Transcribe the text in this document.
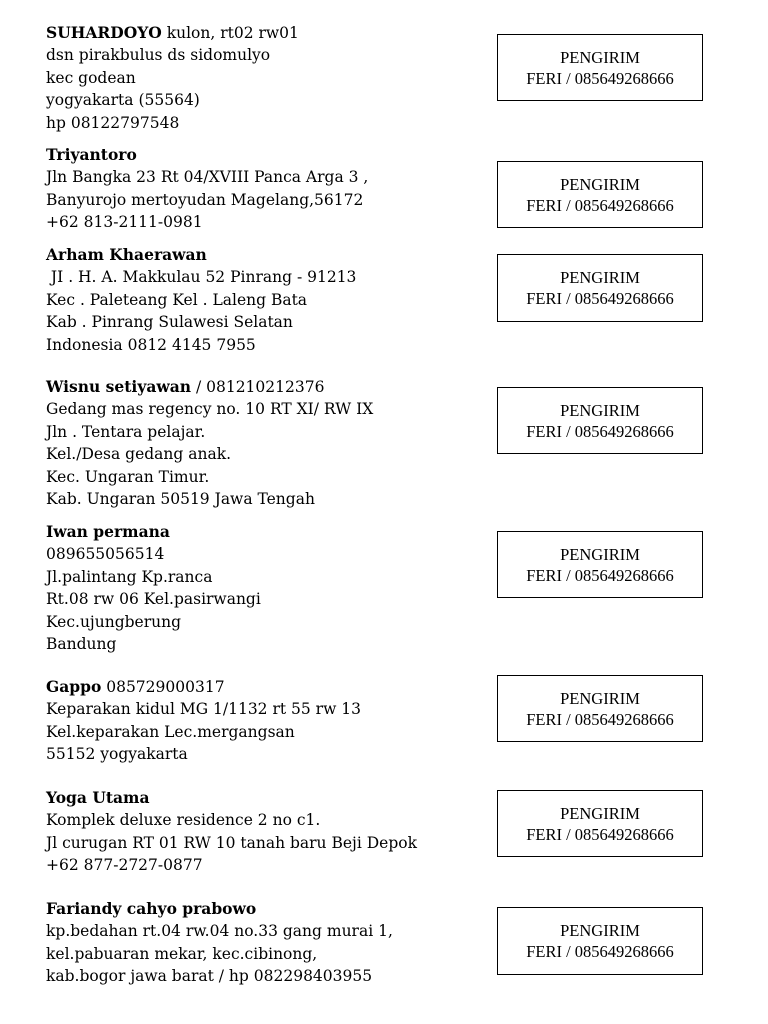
SUHARDOYO kulon, rt02 rw01
dsn pirakbulus ds sidomulyo
kec godean
yogyakarta (55564)
hp 08122797548
PENGIRIM
FERI / 085649268666
Triyantoro
Jln Bangka 23 Rt 04/XVIII Panca Arga 3 ,
Banyurojo mertoyudan Magelang,56172
+62 813-2111-0981
PENGIRIM
FERI / 085649268666
Arham Khaerawan
JI . H. A. Makkulau 52 Pinrang - 91213
Kec . Paleteang Kel . Laleng Bata
Kab . Pinrang Sulawesi Selatan
Indonesia 0812 4145 7955
PENGIRIM
FERI / 085649268666
Wisnu setiyawan / 081210212376
Gedang mas regency no. 10 RT XI/ RW IX
Jln . Tentara pelajar.
Kel./Desa gedang anak.
Kec. Ungaran Timur.
Kab. Ungaran 50519 Jawa Tengah
PENGIRIM
FERI / 085649268666
Iwan permana
089655056514
Jl.palintang Kp.ranca
Rt.08 rw 06 Kel.pasirwangi
Kec.ujungberung
Bandung
PENGIRIM
FERI / 085649268666
Gappo 085729000317
Keparakan kidul MG 1/1132 rt 55 rw 13
Kel.keparakan Lec.mergangsan
55152 yogyakarta
PENGIRIM
FERI / 085649268666
Yoga Utama
Komplek deluxe residence 2 no c1.
Jl curugan RT 01 RW 10 tanah baru Beji Depok
+62 877-2727-0877
PENGIRIM
FERI / 085649268666
Fariandy cahyo prabowo
kp.bedahan rt.04 rw.04 no.33 gang murai 1,
kel.pabuaran mekar, kec.cibinong,
kab.bogor jawa barat / hp 082298403955
PENGIRIM
FERI / 085649268666
